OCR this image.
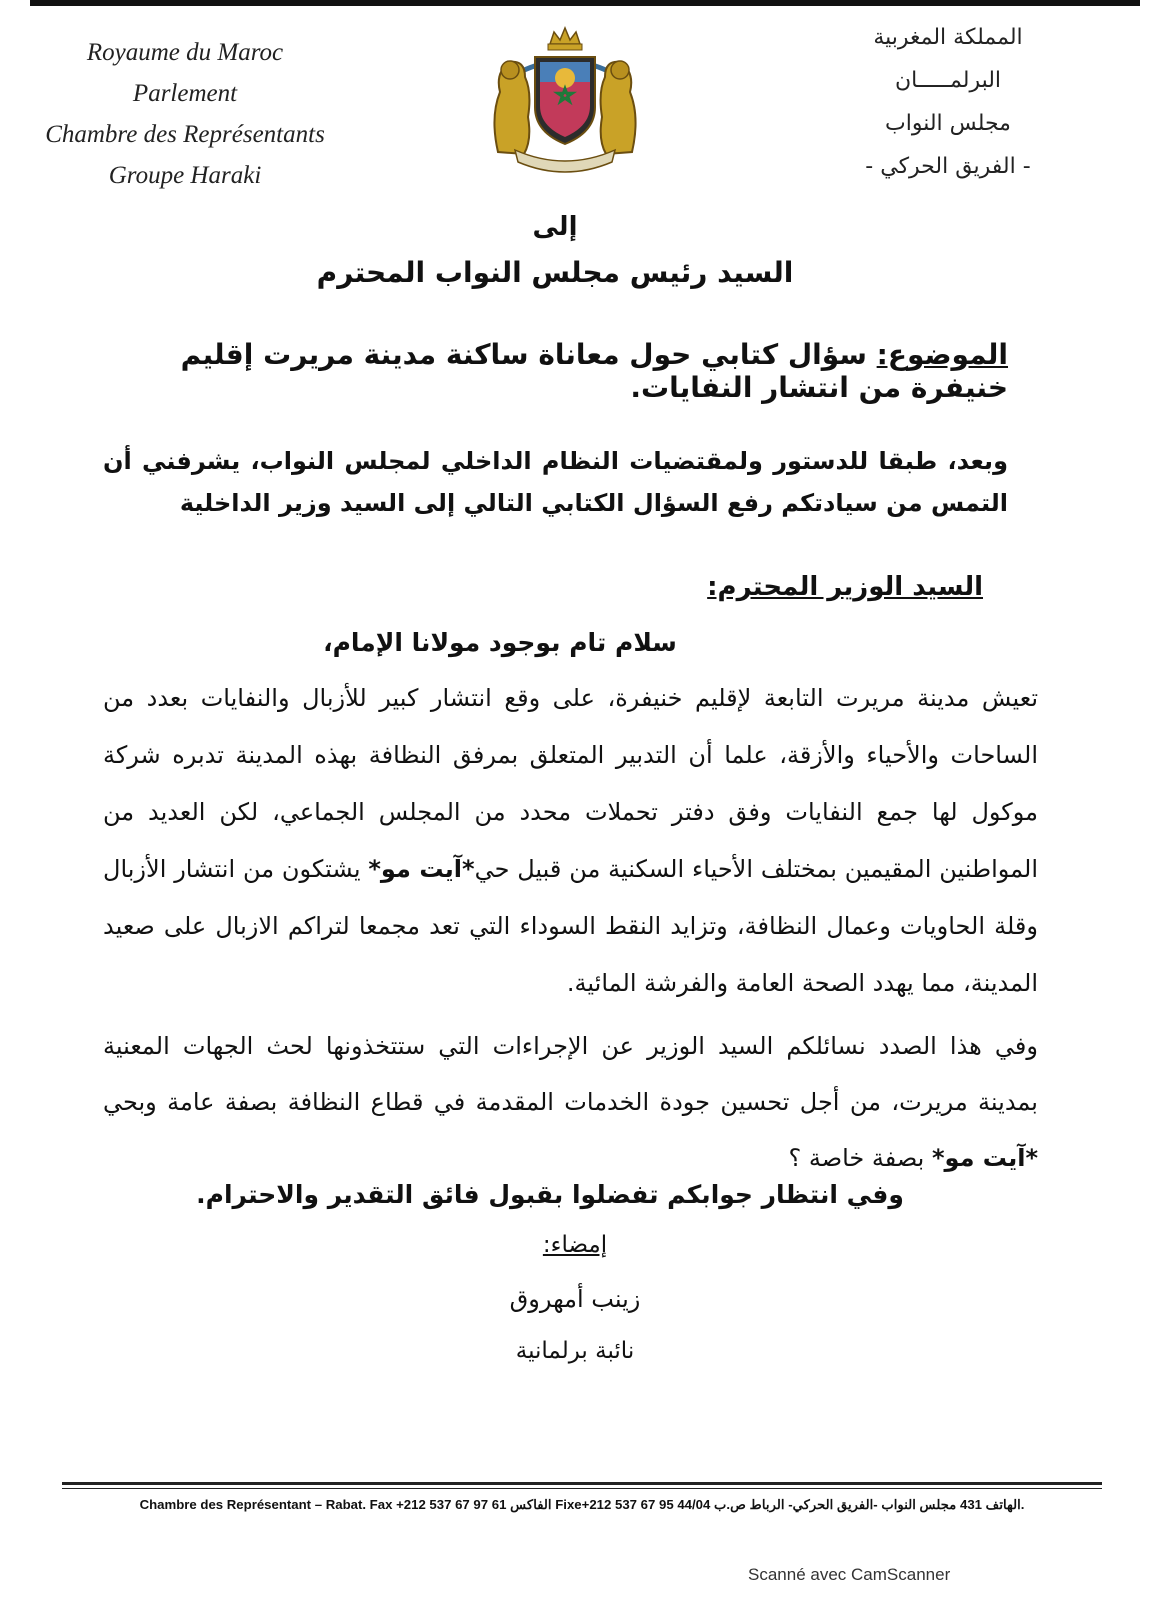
Royaume du Maroc
Parlement
Chambre des Représentants
Groupe Haraki
المملكة المغربية
البرلمـــــان
مجلس النواب
- الفريق الحركي -
إلى
السيد رئيس مجلس النواب المحترم
الموضوع: سؤال كتابي حول معاناة ساكنة مدينة مريرت إقليم خنيفرة من انتشار النفايات.
وبعد، طبقا للدستور ولمقتضيات النظام الداخلي لمجلس النواب، يشرفني أن التمس من سيادتكم رفع السؤال الكتابي التالي إلى السيد وزير الداخلية
السيد الوزير المحترم:
سلام تام بوجود مولانا الإمام،
تعيش مدينة مريرت التابعة لإقليم خنيفرة، على وقع انتشار كبير للأزبال والنفايات بعدد من الساحات والأحياء والأزقة، علما أن التدبير المتعلق بمرفق النظافة بهذه المدينة تدبره شركة موكول لها جمع النفايات وفق دفتر تحملات محدد من المجلس الجماعي، لكن العديد من المواطنين المقيمين بمختلف الأحياء السكنية من قبيل حي*آيت مو* يشتكون من انتشار الأزبال وقلة الحاويات وعمال النظافة، وتزايد النقط السوداء التي تعد مجمعا لتراكم الازبال على صعيد المدينة، مما يهدد الصحة العامة والفرشة المائية.
وفي هذا الصدد نسائلكم السيد الوزير عن الإجراءات التي ستتخذونها لحث الجهات المعنية بمدينة مريرت، من أجل تحسين جودة الخدمات المقدمة في قطاع النظافة بصفة عامة وبحي *آيت مو* بصفة خاصة ؟
وفي انتظار جوابكم تفضلوا بقبول فائق التقدير والاحترام.
إمضاء:
زينب أمهروق
نائبة برلمانية
Chambre des Représentant – Rabat. Fax +212 537 67 97 61 الفاكس Fixe+212 537 67 95 44/04 الهاتف 431 مجلس النواب -الفريق الحركي- الرباط ص.ب.
Scanné avec CamScanner
